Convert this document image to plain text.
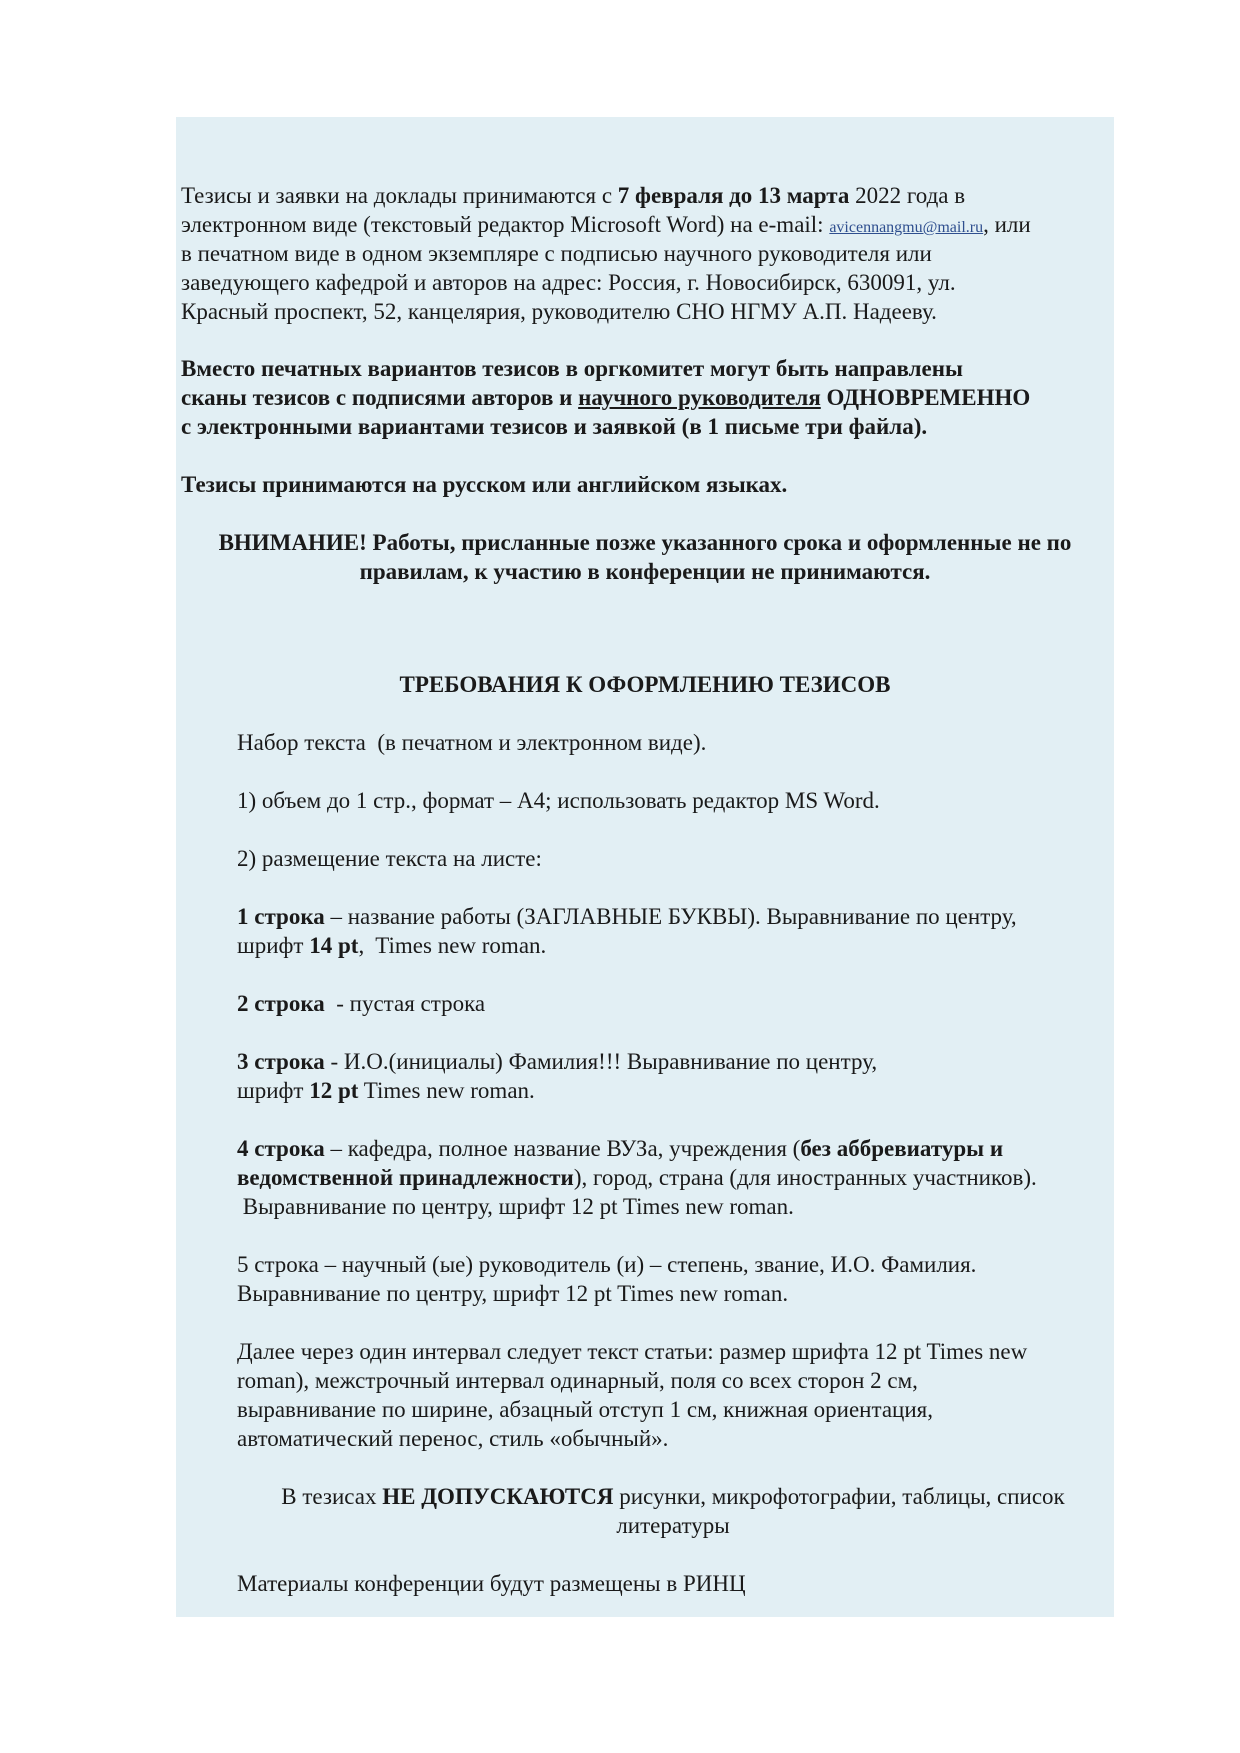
Тезисы и заявки на доклады принимаются с 7 февраля до 13 марта 2022 года в

электронном виде (текстовый редактор Microsoft Word) на e-mail: avicennangmu@mail.ru, или

в печатном виде в одном экземпляре с подписью научного руководителя или

заведующего кафедрой и авторов на адрес: Россия, г. Новосибирск, 630091, ул.

Красный проспект, 52, канцелярия, руководителю СНО НГМУ А.П. Надееву.

Вместо печатных вариантов тезисов в оргкомитет могут быть направлены

сканы тезисов с подписями авторов и научного руководителя ОДНОВРЕМЕННО

с электронными вариантами тезисов и заявкой (в 1 письме три файла).

Тезисы принимаются на русском или английском языках.

ВНИМАНИЕ! Работы, присланные позже указанного срока и оформленные не по

правилам, к участию в конференции не принимаются.

ТРЕБОВАНИЯ К ОФОРМЛЕНИЮ ТЕЗИСОВ

Набор текста  (в печатном и электронном виде).

1) объем до 1 стр., формат – А4; использовать редактор MS Word.

2) размещение текста на листе:

1 строка – название работы (ЗАГЛАВНЫЕ БУКВЫ). Выравнивание по центру,

шрифт 14 pt,  Times new roman.

2 строка  - пустая строка

3 строка - И.О.(инициалы) Фамилия!!! Выравнивание по центру,

шрифт 12 pt Times new roman.

4 строка – кафедра, полное название ВУЗа, учреждения (без аббревиатуры и

ведомственной принадлежности), город, страна (для иностранных участников).

Выравнивание по центру, шрифт 12 pt Times new roman.

5 строка – научный (ые) руководитель (и) – степень, звание, И.О. Фамилия.

Выравнивание по центру, шрифт 12 pt Times new roman.

Далее через один интервал следует текст статьи: размер шрифта 12 pt Times new

roman), межстрочный интервал одинарный, поля со всех сторон 2 см,

выравнивание по ширине, абзацный отступ 1 см, книжная ориентация,

автоматический перенос, стиль «обычный».

В тезисах НЕ ДОПУСКАЮТСЯ рисунки, микрофотографии, таблицы, список

литературы

Материалы конференции будут размещены в РИНЦ
